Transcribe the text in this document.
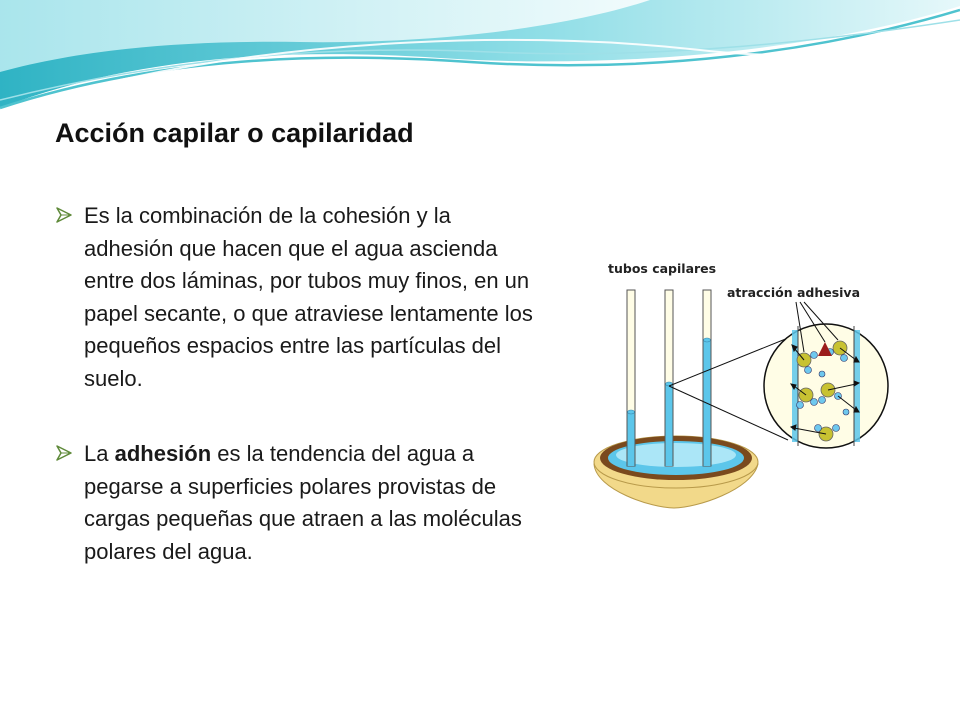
Acción capilar o capilaridad
Es la combinación de la cohesión y la adhesión que hacen que el agua ascienda entre dos láminas, por tubos muy finos, en un papel secante, o que atraviese lentamente los pequeños espacios entre las partículas del suelo.
La adhesión es la tendencia del agua a pegarse a superficies polares provistas de cargas pequeñas que atraen a las moléculas polares del agua.
tubos capilares
atracción adhesiva
